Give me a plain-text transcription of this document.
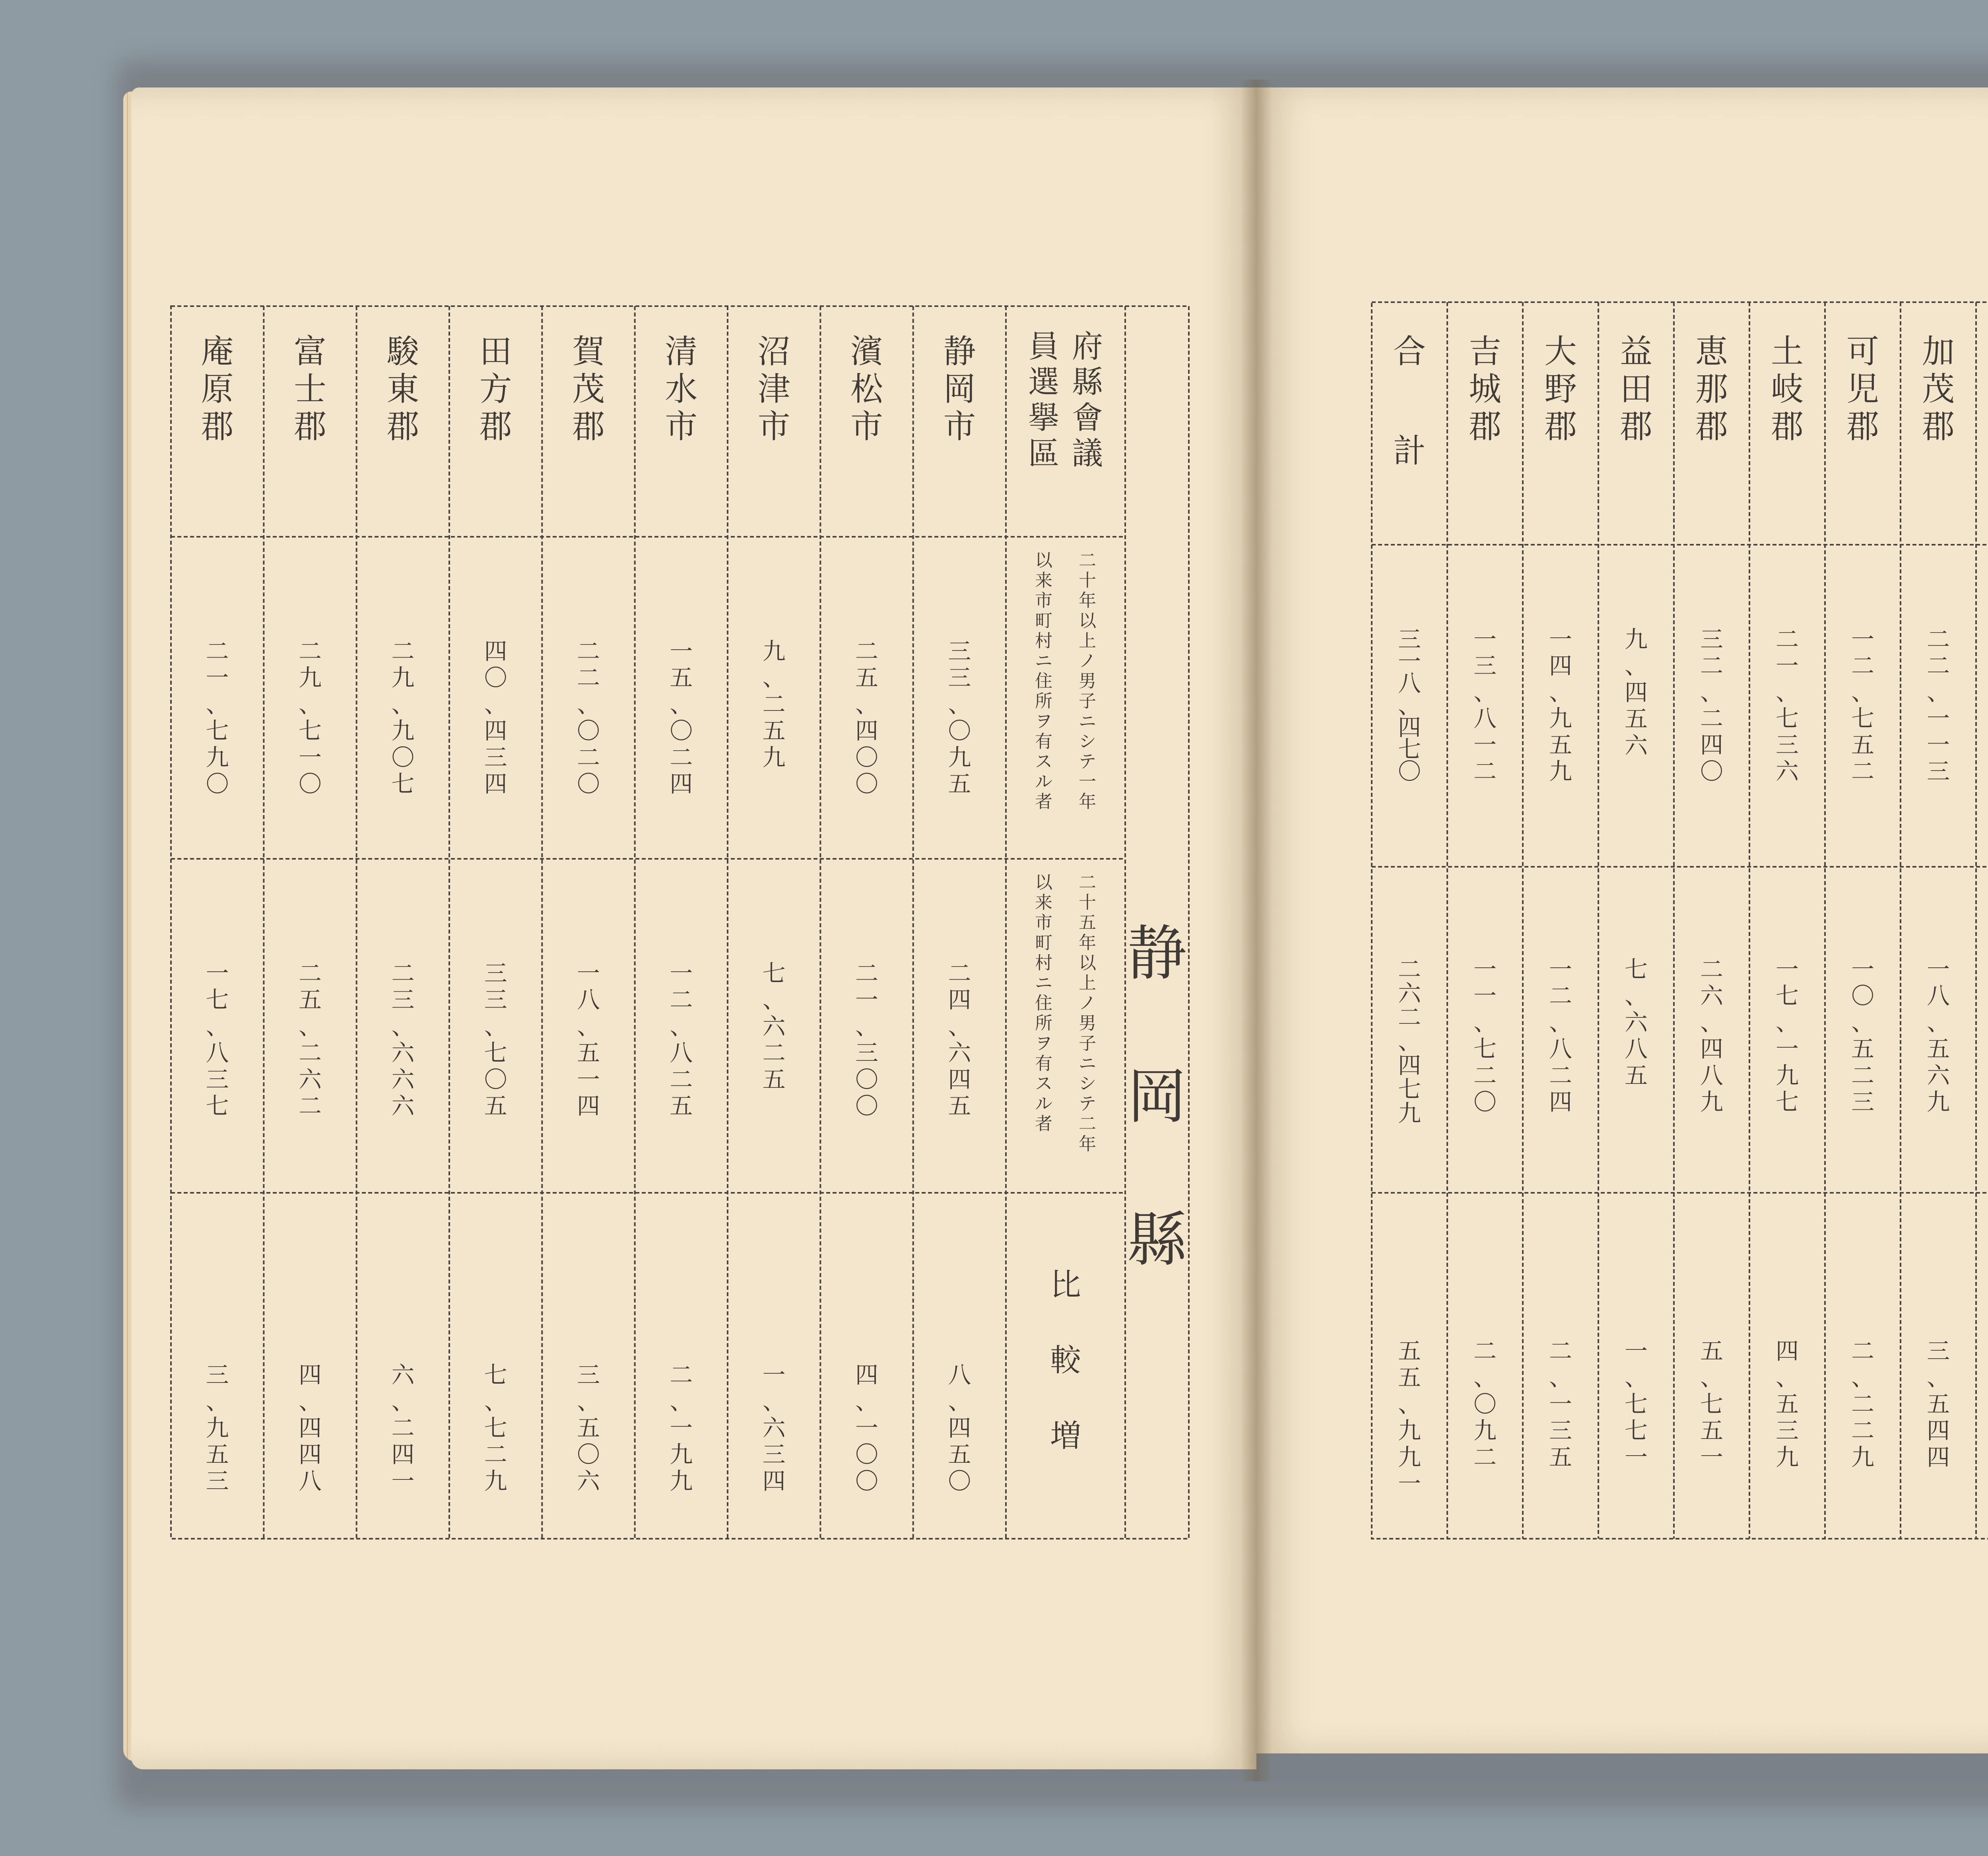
静岡縣
府縣會議
員選擧區
二十年以上ノ男子ニシテ一年
以来市町村ニ住所ヲ有スル者
二十五年以上ノ男子ニシテ二年
以来市町村ニ住所ヲ有スル者
比較増
静岡市
三三、〇九五
二四、六四五
八、四五〇
濱松市
二五、四〇〇
二一、三〇〇
四、一〇〇
沼津市
九、二五九
七、六二五
一、六三四
清水市
一五、〇二四
一二、八二五
二、一九九
賀茂郡
二二、〇二〇
一八、五一四
三、五〇六
田方郡
四〇、四三四
三三、七〇五
七、七二九
駿東郡
二九、九〇七
二三、六六六
六、二四一
富士郡
二九、七一〇
二五、二六二
四、四四八
庵原郡
二一、七九〇
一七、八三七
三、九五三
加茂郡
二二、一一三
一八、五六九
三、五四四
可児郡
一二、七五二
一〇、五二三
二、二二九
土岐郡
二一、七三六
一七、一九七
四、五三九
恵那郡
三二、二四〇
二六、四八九
五、七五一
益田郡
九、四五六
七、六八五
一、七七一
大野郡
一四、九五九
一二、八二四
二、一三五
吉城郡
一三、八一二
一一、七二〇
二、〇九二
合計
三一八、四七〇
二六二、四七九
五五、九九一
